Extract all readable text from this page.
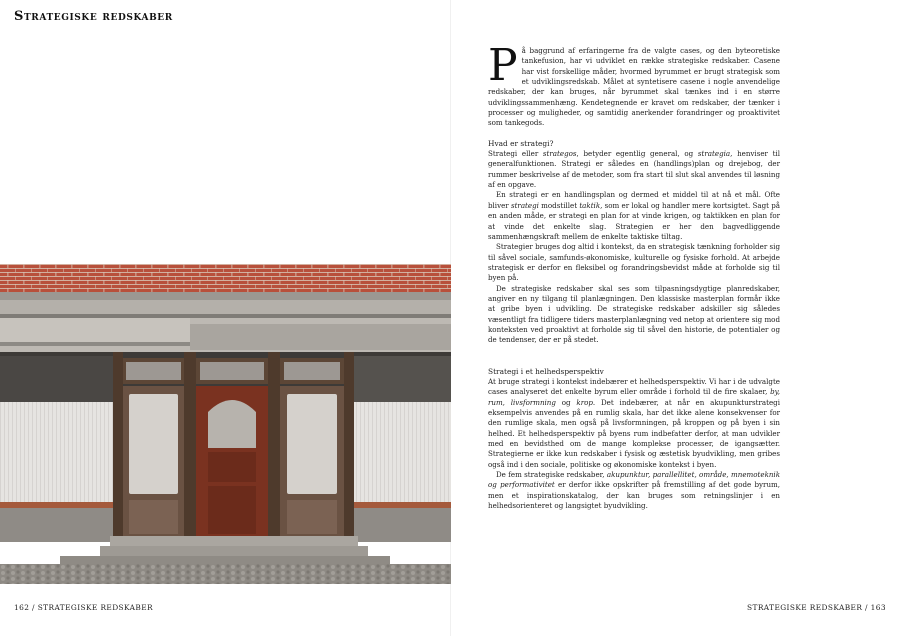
Strategiske redskaber

På baggrund af erfaringerne fra de valgte cases, og den byteoretiske tankefusion, har vi udviklet en række strategiske redskaber. Casene har vist forskellige måder, hvormed byrummet er brugt strategisk som et udviklingsredskab. Målet at syntetisere casene i nogle anvendelige redskaber, der kan bruges, når byrummet skal tænkes ind i en større udviklingssammenhæng. Kendetegnende er kravet om redskaber, der tænker i processer og muligheder, og samtidig anerkender forandringer og proaktivitet som tankegods.

Hvad er strategi?

Strategi eller strategos, betyder egentlig general, og strategia, henviser til generalfunktionen. Strategi er således en (handlings)plan og drejebog, der rummer beskrivelse af de metoder, som fra start til slut skal anvendes til løsning af en opgave.

En strategi er en handlingsplan og dermed et middel til at nå et mål. Ofte bliver strategi modstillet taktik, som er lokal og handler mere kortsigtet. Sagt på en anden måde, er strategi en plan for at vinde krigen, og taktikken en plan for at vinde det enkelte slag. Strategien er her den bagvedliggende sammenhængskraft mellem de enkelte taktiske tiltag.

Strategier bruges dog altid i kontekst, da en strategisk tænkning forholder sig til såvel sociale, samfunds-økonomiske, kulturelle og fysiske forhold. At arbejde strategisk er derfor en fleksibel og forandringsbevidst måde at forholde sig til byen på.

De strategiske redskaber skal ses som tilpasningsdygtige planredskaber, angiver en ny tilgang til planlægningen. Den klassiske masterplan formår ikke at gribe byen i udvikling. De strategiske redskaber adskiller sig således væsentligt fra tidligere tiders masterplanlægning ved netop at orientere sig mod konteksten ved proaktivt at forholde sig til såvel den historie, de potentialer og de tendenser, der er på stedet.

Strategi i et helhedsperspektiv

At bruge strategi i kontekst indebærer et helhedsperspektiv. Vi har i de udvalgte cases analyseret det enkelte byrum eller område i forhold til de fire skalaer, by, rum, livsformning og krop. Det indebærer, at når en akupunkturstrategi eksempelvis anvendes på en rumlig skala, har det ikke alene konsekvenser for den rumlige skala, men også på livsformningen, på kroppen og på byen i sin helhed. Et helhedsperspektiv på byens rum indbefatter derfor, at man udvikler med en bevidsthed om de mange komplekse processer, de igangsætter. Strategierne er ikke kun redskaber i fysisk og æstetisk byudvikling, men gribes også ind i den sociale, politiske og økonomiske kontekst i byen.

De fem strategiske redskaber, akupunktur, parallellitet, område, mnemoteknik og performativitet er derfor ikke opskrifter på fremstilling af det gode byrum, men et inspirationskatalog, der kan bruges som retningslinjer i en helhedsorienteret og langsigtet byudvikling.

162 / STRATEGISKE REDSKABER	STRATEGISKE REDSKABER / 163
